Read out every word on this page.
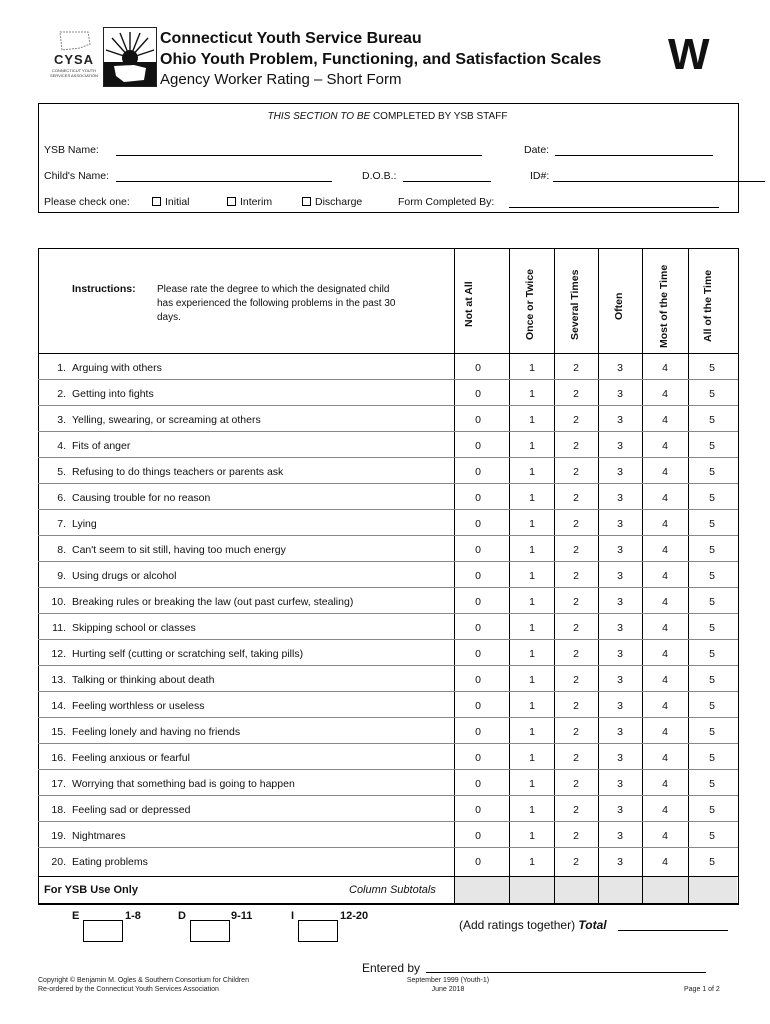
CYSA
CONNECTICUT YOUTH SERVICES ASSOCIATION
Connecticut Youth Service Bureau
Ohio Youth Problem, Functioning, and Satisfaction Scales
Agency Worker Rating – Short Form
W
THIS SECTION TO BE COMPLETED BY YSB STAFF
YSB Name:	Date:
Child's Name:	D.O.B.:	ID#:
Please check one:	Initial	Interim	Discharge	Form Completed By:
Instructions: Please rate the degree to which the designated child has experienced the following problems in the past 30 days.	Not at All	Once or Twice	Several Times	Often	Most of the Time	All of the Time
1. Arguing with others	0	1	2	3	4	5
2. Getting into fights	0	1	2	3	4	5
3. Yelling, swearing, or screaming at others	0	1	2	3	4	5
4. Fits of anger	0	1	2	3	4	5
5. Refusing to do things teachers or parents ask	0	1	2	3	4	5
6. Causing trouble for no reason	0	1	2	3	4	5
7. Lying	0	1	2	3	4	5
8. Can't seem to sit still, having too much energy	0	1	2	3	4	5
9. Using drugs or alcohol	0	1	2	3	4	5
10. Breaking rules or breaking the law (out past curfew, stealing)	0	1	2	3	4	5
11. Skipping school or classes	0	1	2	3	4	5
12. Hurting self (cutting or scratching self, taking pills)	0	1	2	3	4	5
13. Talking or thinking about death	0	1	2	3	4	5
14. Feeling worthless or useless	0	1	2	3	4	5
15. Feeling lonely and having no friends	0	1	2	3	4	5
16. Feeling anxious or fearful	0	1	2	3	4	5
17. Worrying that something bad is going to happen	0	1	2	3	4	5
18. Feeling sad or depressed	0	1	2	3	4	5
19. Nightmares	0	1	2	3	4	5
20. Eating problems	0	1	2	3	4	5
For YSB Use Only	Column Subtotals
E	1-8	D	9-11	I	12-20
(Add ratings together) Total
Entered by
Copyright © Benjamin M. Ogles & Southern Consortium for Children
Re-ordered by the Connecticut Youth Services Association
September 1999 (Youth-1)
June 2018	Page 1 of 2
